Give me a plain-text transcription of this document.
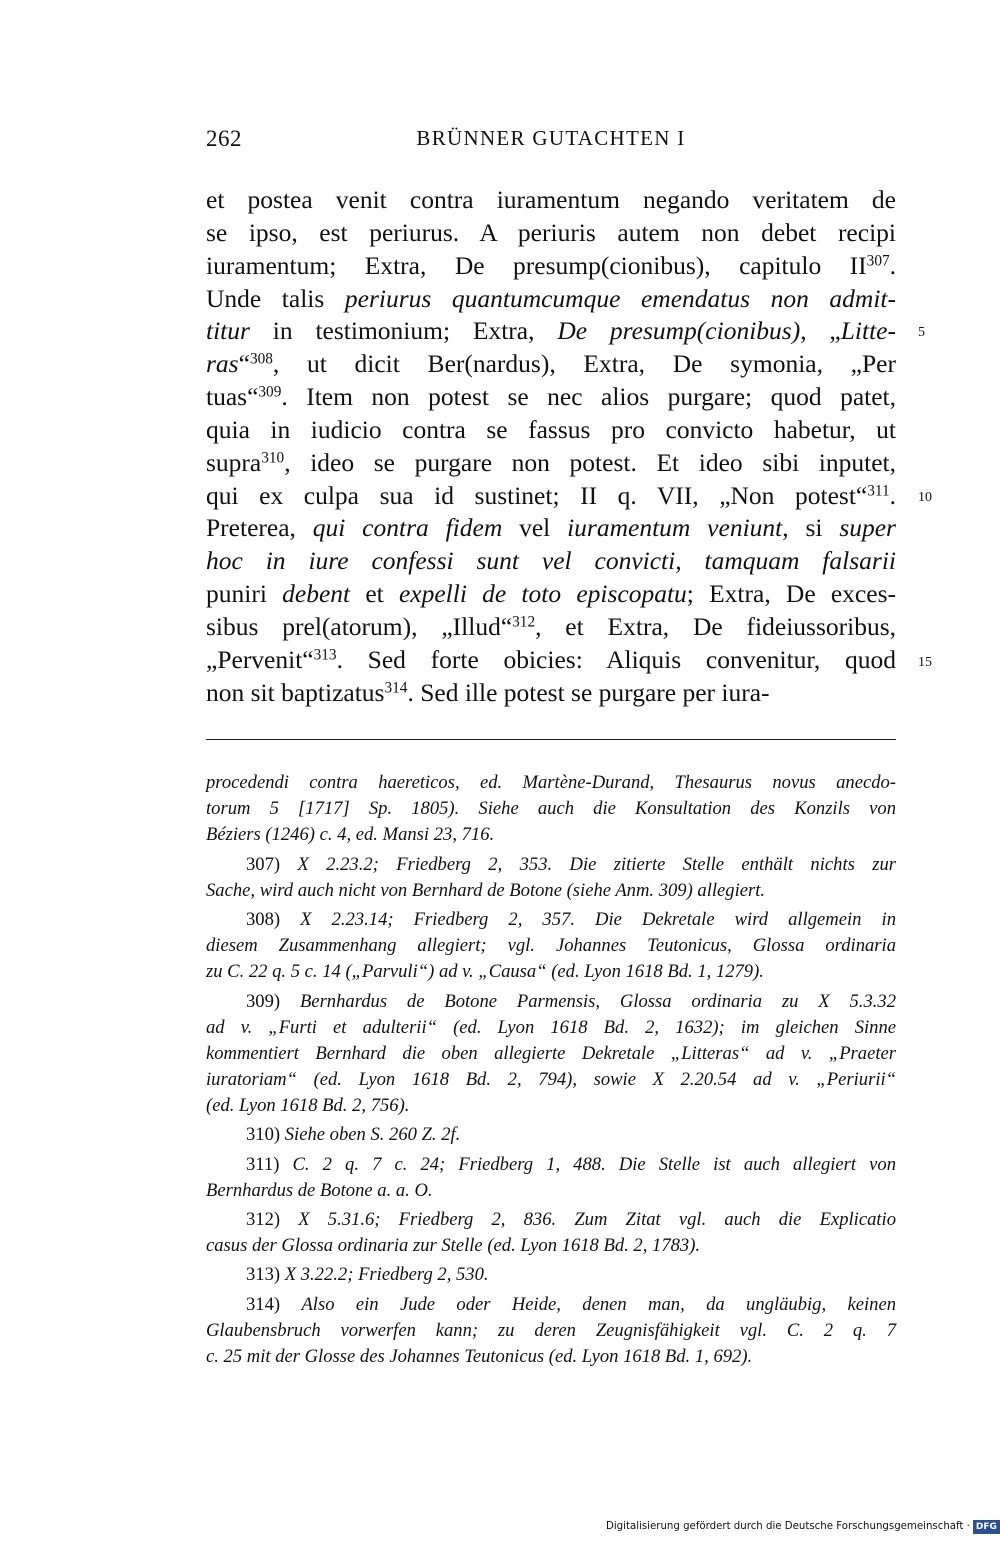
262	BRÜNNER GUTACHTEN I
et postea venit contra iuramentum negando veritatem de
se ipso, est periurus. A periuris autem non debet recipi
iuramentum; Extra, De presump(cionibus), capitulo II$^{307}$.
Unde talis periurus quantumcumque emendatus non admit-
titur in testimonium; Extra, De presump(cionibus), „Litte-
ras“$^{308}$, ut dicit Ber(nardus), Extra, De symonia, „Per
tuas“$^{309}$. Item non potest se nec alios purgare; quod patet,
quia in iudicio contra se fassus pro convicto habetur, ut
supra$^{310}$, ideo se purgare non potest. Et ideo sibi inputet,
qui ex culpa sua id sustinet; II q. VII, „Non potest“$^{311}$.
Preterea, qui contra fidem vel iuramentum veniunt, si super
hoc in iure confessi sunt vel convicti, tamquam falsarii
puniri debent et expelli de toto episcopatu; Extra, De exces-
sibus prel(atorum), „Illud“$^{312}$, et Extra, De fideiussoribus,
„Pervenit“$^{313}$. Sed forte obicies: Aliquis convenitur, quod
non sit baptizatus$^{314}$. Sed ille potest se purgare per iura-
5
10
15
procedendi contra haereticos, ed. Martène-Durand, Thesaurus novus anecdo-
torum 5 [1717] Sp. 1805). Siehe auch die Konsultation des Konzils von
Béziers (1246) c. 4, ed. Mansi 23, 716.
307) X 2.23.2; Friedberg 2, 353. Die zitierte Stelle enthält nichts zur
Sache, wird auch nicht von Bernhard de Botone (siehe Anm. 309) allegiert.
308) X 2.23.14; Friedberg 2, 357. Die Dekretale wird allgemein in
diesem Zusammenhang allegiert; vgl. Johannes Teutonicus, Glossa ordinaria
zu C. 22 q. 5 c. 14 („Parvuli“) ad v. „Causa“ (ed. Lyon 1618 Bd. 1, 1279).
309) Bernhardus de Botone Parmensis, Glossa ordinaria zu X 5.3.32
ad v. „Furti et adulterii“ (ed. Lyon 1618 Bd. 2, 1632); im gleichen Sinne
kommentiert Bernhard die oben allegierte Dekretale „Litteras“ ad v. „Praeter
iuratoriam“ (ed. Lyon 1618 Bd. 2, 794), sowie X 2.20.54 ad v. „Periurii“
(ed. Lyon 1618 Bd. 2, 756).
310) Siehe oben S. 260 Z. 2f.
311) C. 2 q. 7 c. 24; Friedberg 1, 488. Die Stelle ist auch allegiert von
Bernhardus de Botone a. a. O.
312) X 5.31.6; Friedberg 2, 836. Zum Zitat vgl. auch die Explicatio
casus der Glossa ordinaria zur Stelle (ed. Lyon 1618 Bd. 2, 1783).
313) X 3.22.2; Friedberg 2, 530.
314) Also ein Jude oder Heide, denen man, da ungläubig, keinen
Glaubensbruch vorwerfen kann; zu deren Zeugnisfähigkeit vgl. C. 2 q. 7
c. 25 mit der Glosse des Johannes Teutonicus (ed. Lyon 1618 Bd. 1, 692).
Digitalisierung gefördert durch die Deutsche Forschungsgemeinschaft · DFG
